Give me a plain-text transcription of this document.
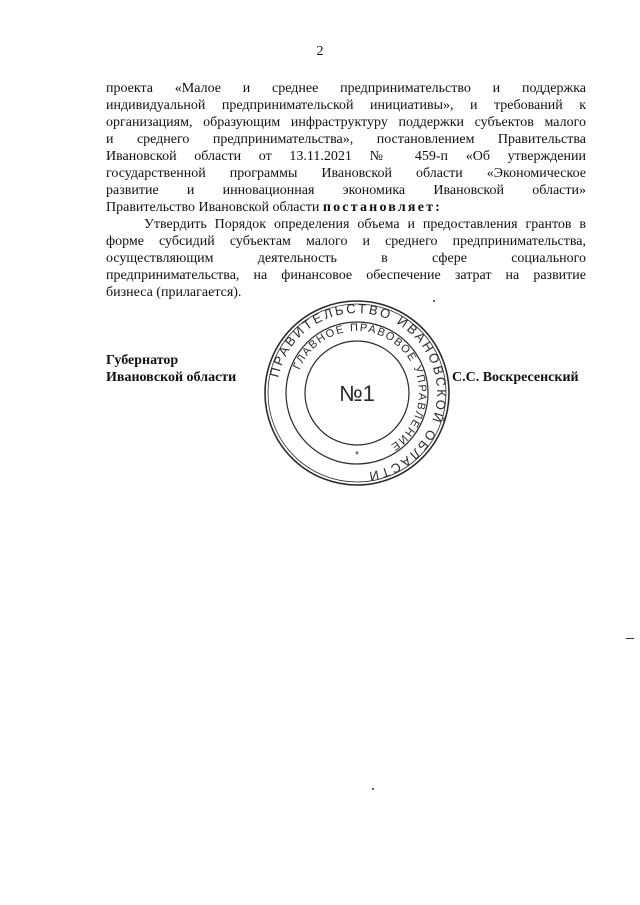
2
проекта «Малое и среднее предпринимательство и поддержка
индивидуальной предпринимательской инициативы», и требований к
организациям, образующим инфраструктуру поддержки субъектов малого
и среднего предпринимательства», постановлением Правительства
Ивановской области от 13.11.2021 № 459-п «Об утверждении
государственной программы Ивановской области «Экономическое
развитие и инновационная экономика Ивановской области»
Правительство Ивановской области постановляет:
Утвердить Порядок определения объема и предоставления грантов в
форме субсидий субъектам малого и среднего предпринимательства,
осуществляющим деятельность в сфере социального
предпринимательства, на финансовое обеспечение затрат на развитие
бизнеса (прилагается).
Губернатор
Ивановской области	С.С. Воскресенский
ПРАВИТЕЛЬСТВО ИВАНОВСКОЙ ОБЛАСТИ
ГЛАВНОЕ ПРАВОВОЕ УПРАВЛЕНИЕ
№1
*
